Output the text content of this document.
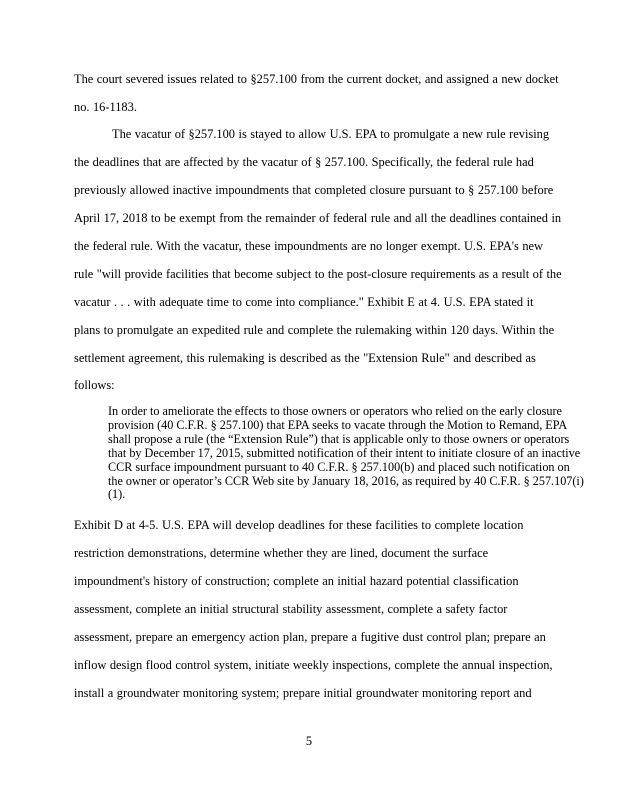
The court severed issues related to §257.100 from the current docket, and assigned a new docket
no. 16-1183.
The vacatur of §257.100 is stayed to allow U.S. EPA to promulgate a new rule revising
the deadlines that are affected by the vacatur of § 257.100. Specifically, the federal rule had
previously allowed inactive impoundments that completed closure pursuant to § 257.100 before
April 17, 2018 to be exempt from the remainder of federal rule and all the deadlines contained in
the federal rule. With the vacatur, these impoundments are no longer exempt. U.S. EPA's new
rule "will provide facilities that become subject to the post-closure requirements as a result of the
vacatur . . . with adequate time to come into compliance." Exhibit E at 4. U.S. EPA stated it
plans to promulgate an expedited rule and complete the rulemaking within 120 days. Within the
settlement agreement, this rulemaking is described as the "Extension Rule" and described as
follows:

In order to ameliorate the effects to those owners or operators who relied on the early closure provision (40 C.F.R. § 257.100) that EPA seeks to vacate through the Motion to Remand, EPA shall propose a rule (the “Extension Rule”) that is applicable only to those owners or operators that by December 17, 2015, submitted notification of their intent to initiate closure of an inactive CCR surface impoundment pursuant to 40 C.F.R. § 257.100(b) and placed such notification on the owner or operator’s CCR Web site by January 18, 2016, as required by 40 C.F.R. § 257.107(i)(1).

Exhibit D at 4-5. U.S. EPA will develop deadlines for these facilities to complete location
restriction demonstrations, determine whether they are lined, document the surface
impoundment's history of construction; complete an initial hazard potential classification
assessment, complete an initial structural stability assessment, complete a safety factor
assessment, prepare an emergency action plan, prepare a fugitive dust control plan; prepare an
inflow design flood control system, initiate weekly inspections, complete the annual inspection,
install a groundwater monitoring system; prepare initial groundwater monitoring report and
5
